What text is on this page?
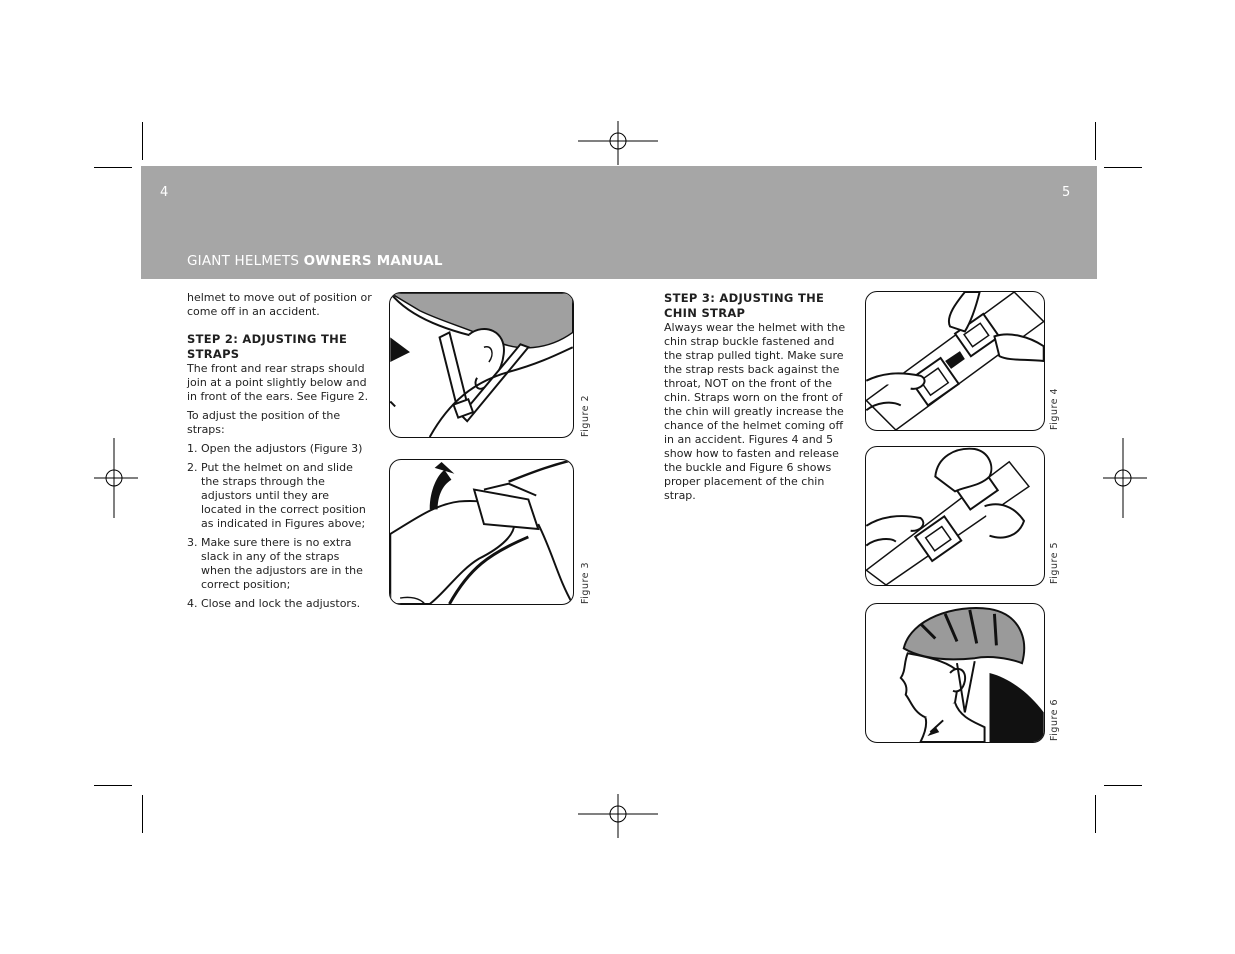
4	5
GIANT HELMETS OWNERS MANUAL

helmet to move out of position or come off in an accident.

STEP 2: ADJUSTING THE STRAPS

The front and rear straps should join at a point slightly below and in front of the ears. See Figure 2.

To adjust the position of the straps:

1. Open the adjustors (Figure 3)
2. Put the helmet on and slide the straps through the adjustors until they are located in the correct position as indicated in Figures above;
3. Make sure there is no extra slack in any of the straps when the adjustors are in the correct position;
4. Close and lock the adjustors.
STEP 3: ADJUSTING THE CHIN STRAP

Always wear the helmet with the chin strap buckle fastened and the strap pulled tight. Make sure the strap rests back against the throat, NOT on the front of the chin. Straps worn on the front of the chin will greatly increase the chance of the helmet coming off in an accident. Figures 4 and 5 show how to fasten and release the buckle and Figure 6 shows proper placement of the chin strap.

Figure 2
Figure 3
Figure 4
Figure 5
Figure 6
